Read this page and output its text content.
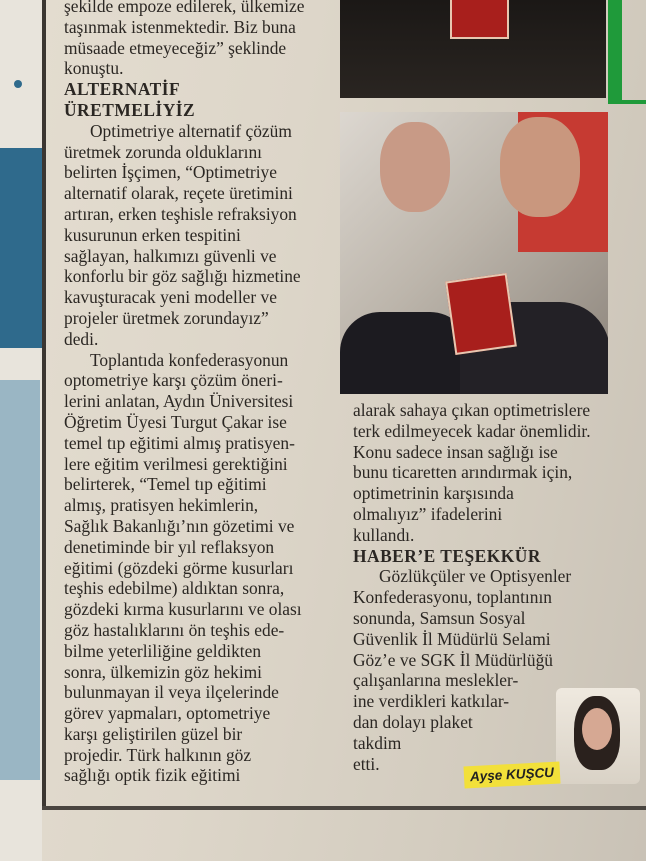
şekilde empoze edilerek, ülkemize
taşınmak istenmektedir. Biz buna
müsaade etmeyeceğiz” şeklinde
konuştu.
ALTERNATİF
ÜRETMELİYİZ
Optimetriye alternatif çözüm
üretmek zorunda olduklarını
belirten İşçimen, “Optimetriye
alternatif olarak, reçete üretimini
artıran, erken teşhisle refraksiyon
kusurunun erken tespitini
sağlayan, halkımızı güvenli ve
konforlu bir göz sağlığı hizmetine
kavuşturacak yeni modeller ve
projeler üretmek zorundayız”
dedi.
Toplantıda konfederasyonun
optometriye karşı çözüm öneri-
lerini anlatan, Aydın Üniversitesi
Öğretim Üyesi Turgut Çakar ise
temel tıp eğitimi almış pratisyen-
lere eğitim verilmesi gerektiğini
belirterek, “Temel tıp eğitimi
almış, pratisyen hekimlerin,
Sağlık Bakanlığı’nın gözetimi ve
denetiminde bir yıl reflaksyon
eğitimi (gözdeki görme kusurları
teşhis edebilme) aldıktan sonra,
gözdeki kırma kusurlarını ve olası
göz hastalıklarını ön teşhis ede-
bilme yeterliliğine geldikten
sonra, ülkemizin göz hekimi
bulunmayan il veya ilçelerinde
görev yapmaları, optometriye
karşı geliştirilen güzel bir
projedir. Türk halkının göz
sağlığı optik fizik eğitimi
alarak sahaya çıkan optimetrislere
terk edilmeyecek kadar önemlidir.
Konu sadece insan sağlığı ise
bunu ticaretten arındırmak için,
optimetrinin karşısında
olmalıyız” ifadelerini
kullandı.
HABER’E TEŞEKKÜR
Gözlükçüler ve Optisyenler
Konfederasyonu, toplantının
sonunda, Samsun Sosyal
Güvenlik İl Müdürlü Selami
Göz’e ve SGK İl Müdürlüğü
çalışanlarına meslekler-
ine verdikleri katkılar-
dan dolayı plaket
takdim
etti.
Ayşe KUŞCU
